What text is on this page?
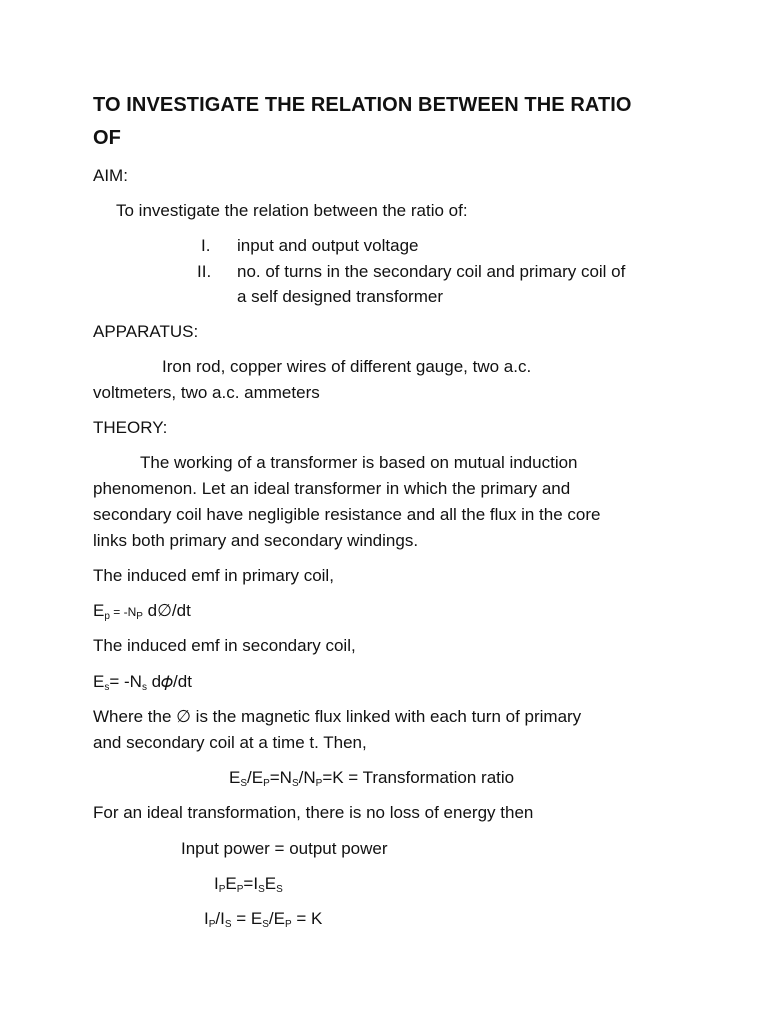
TO INVESTIGATE THE RELATION BETWEEN THE RATIO
OF
AIM:
To investigate the relation between the ratio of:
I. input and output voltage
II. no. of turns in the secondary coil and primary coil of
a self designed transformer
APPARATUS:
Iron rod, copper wires of different gauge, two a.c.
voltmeters, two a.c. ammeters
THEORY:
The working of a transformer is based on mutual induction
phenomenon. Let an ideal transformer in which the primary and
secondary coil have negligible resistance and all the flux in the core
links both primary and secondary windings.
The induced emf in primary coil,
$E_p = -N_P$ d∅/dt
The induced emf in secondary coil,
$E_s= -N_s$ d𝜙/dt
Where the ∅ is the magnetic flux linked with each turn of primary
and secondary coil at a time t. Then,
$E_S/E_P=N_S/N_P=K$ = Transformation ratio
For an ideal transformation, there is no loss of energy then
Input power = output power
$I_PE_P=I_SE_S$
$I_P/I_S = E_S/E_P = K$
